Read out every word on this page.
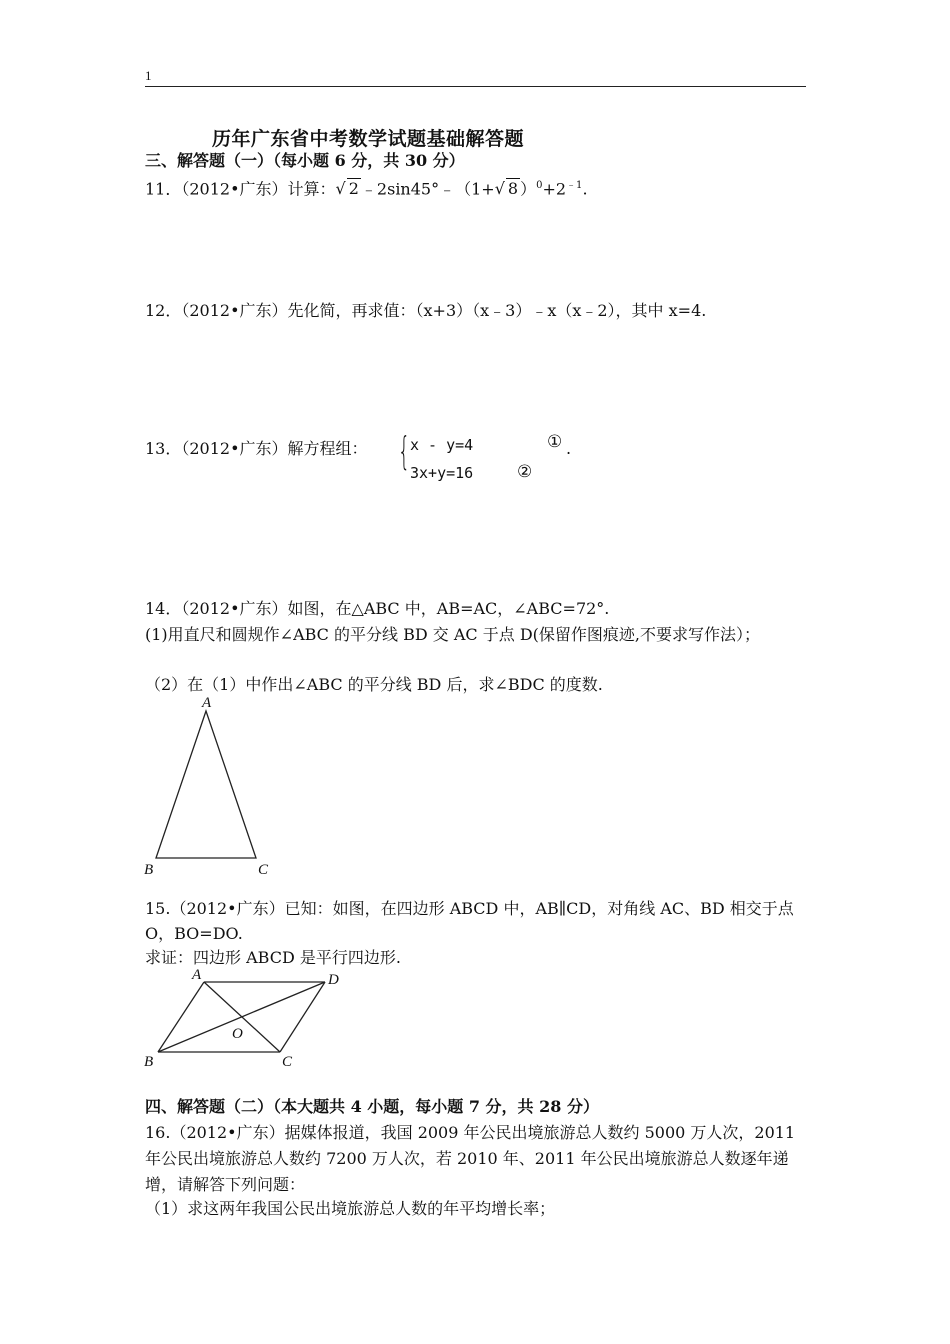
1
历年广东省中考数学试题基础解答题
三、解答题（一）（每小题 6 分，共 30 分）
11．（2012•广东）计算：√ 2 ﹣2sin45°﹣（1+√ 8 ）$^0+2^{﹣1}$.
12．（2012•广东）先化简，再求值：（x+3）（x﹣3）﹣x（x﹣2），其中 x=4.
13．（2012•广东）解方程组： { x - y=4
3x+y=16
①
②
.
14．（2012•广东）如图，在△ABC 中，AB=AC，∠ABC=72°.
(1)用直尺和圆规作∠ABC 的平分线 BD 交 AC 于点 D(保留作图痕迹,不要求写作法）；
（2）在（1）中作出∠ABC 的平分线 BD 后，求∠BDC 的度数.
A
B	C
15.（2012•广东）已知：如图，在四边形 ABCD 中，AB∥CD，对角线 AC、BD 相交于点 O，BO=DO.
求证：四边形 ABCD 是平行四边形.
A	D
O
B	C
四、解答题（二）（本大题共 4 小题，每小题 7 分，共 28 分）
16.（2012•广东）据媒体报道，我国 2009 年公民出境旅游总人数约 5000 万人次，2011 年公民出境旅游总人数约 7200 万人次，若 2010 年、2011 年公民出境旅游总人数逐年递增，请解答下列问题：
（1）求这两年我国公民出境旅游总人数的年平均增长率；
